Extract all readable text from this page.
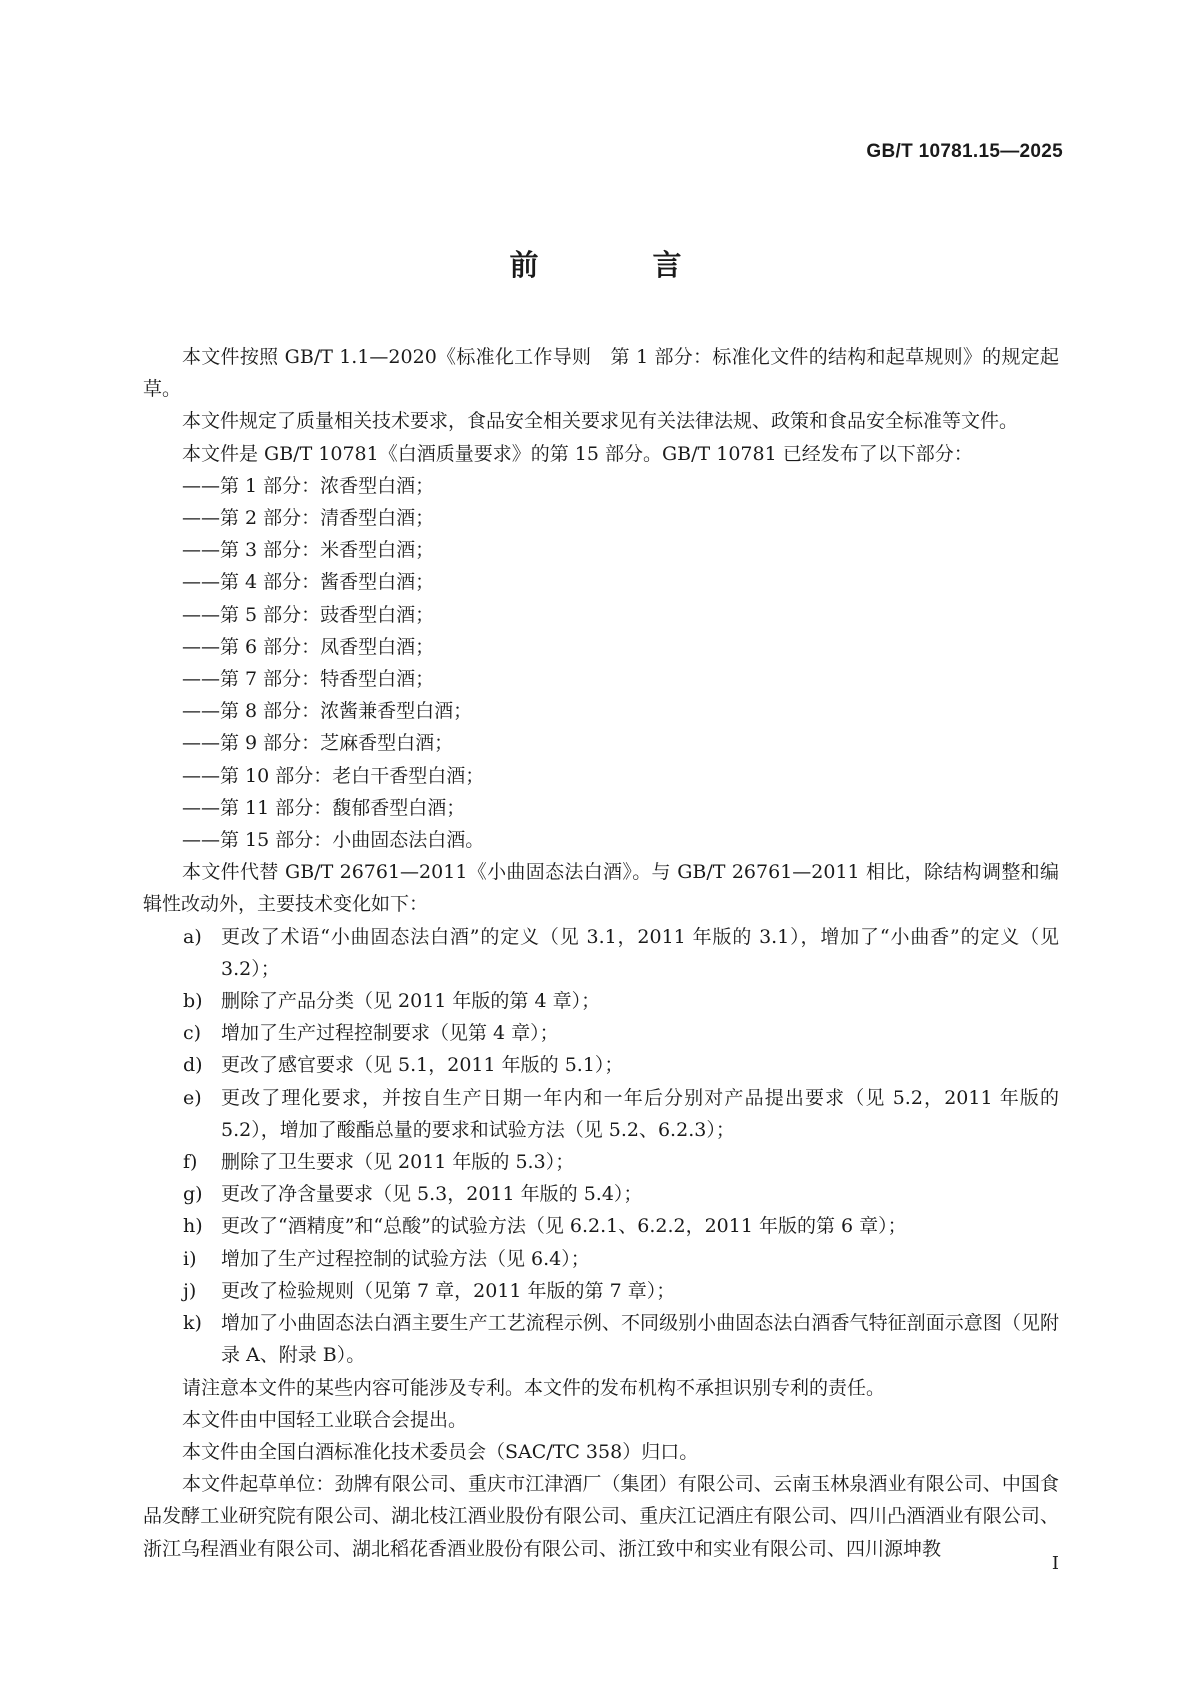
GB/T 10781.15—2025
前 言

本文件按照 GB/T 1.1—2020《标准化工作导则　第 1 部分：标准化文件的结构和起草规则》的规定起草。

本文件规定了质量相关技术要求，食品安全相关要求见有关法律法规、政策和食品安全标准等文件。

本文件是 GB/T 10781《白酒质量要求》的第 15 部分。GB/T 10781 已经发布了以下部分：

——第 1 部分：浓香型白酒；

——第 2 部分：清香型白酒；

——第 3 部分：米香型白酒；

——第 4 部分：酱香型白酒；

——第 5 部分：豉香型白酒；

——第 6 部分：凤香型白酒；

——第 7 部分：特香型白酒；

——第 8 部分：浓酱兼香型白酒；

——第 9 部分：芝麻香型白酒；

——第 10 部分：老白干香型白酒；

——第 11 部分：馥郁香型白酒；

——第 15 部分：小曲固态法白酒。

本文件代替 GB/T 26761—2011《小曲固态法白酒》。与 GB/T 26761—2011 相比，除结构调整和编辑性改动外，主要技术变化如下：

a)	更改了术语“小曲固态法白酒”的定义（见 3.1，2011 年版的 3.1），增加了“小曲香”的定义（见 3.2）；
b) 删除了产品分类（见 2011 年版的第 4 章）；
c)	增加了生产过程控制要求（见第 4 章）；
d) 更改了感官要求（见 5.1，2011 年版的 5.1）；
e)	更改了理化要求，并按自生产日期一年内和一年后分别对产品提出要求（见 5.2，2011 年版的 5.2），增加了酸酯总量的要求和试验方法（见 5.2、6.2.3）；
f)	删除了卫生要求（见 2011 年版的 5.3）；
g) 更改了净含量要求（见 5.3，2011 年版的 5.4）；
h) 更改了“酒精度”和“总酸”的试验方法（见 6.2.1、6.2.2，2011 年版的第 6 章）；
i)	增加了生产过程控制的试验方法（见 6.4）；
j)	更改了检验规则（见第 7 章，2011 年版的第 7 章）；
k)	增加了小曲固态法白酒主要生产工艺流程示例、不同级别小曲固态法白酒香气特征剖面示意图（见附录 A、附录 B）。

请注意本文件的某些内容可能涉及专利。本文件的发布机构不承担识别专利的责任。

本文件由中国轻工业联合会提出。

本文件由全国白酒标准化技术委员会（SAC/TC 358）归口。

本文件起草单位：劲牌有限公司、重庆市江津酒厂（集团）有限公司、云南玉林泉酒业有限公司、中国食品发酵工业研究院有限公司、湖北枝江酒业股份有限公司、重庆江记酒庄有限公司、四川凸酒酒业有限公司、浙江乌程酒业有限公司、湖北稻花香酒业股份有限公司、浙江致中和实业有限公司、四川源坤教

I
